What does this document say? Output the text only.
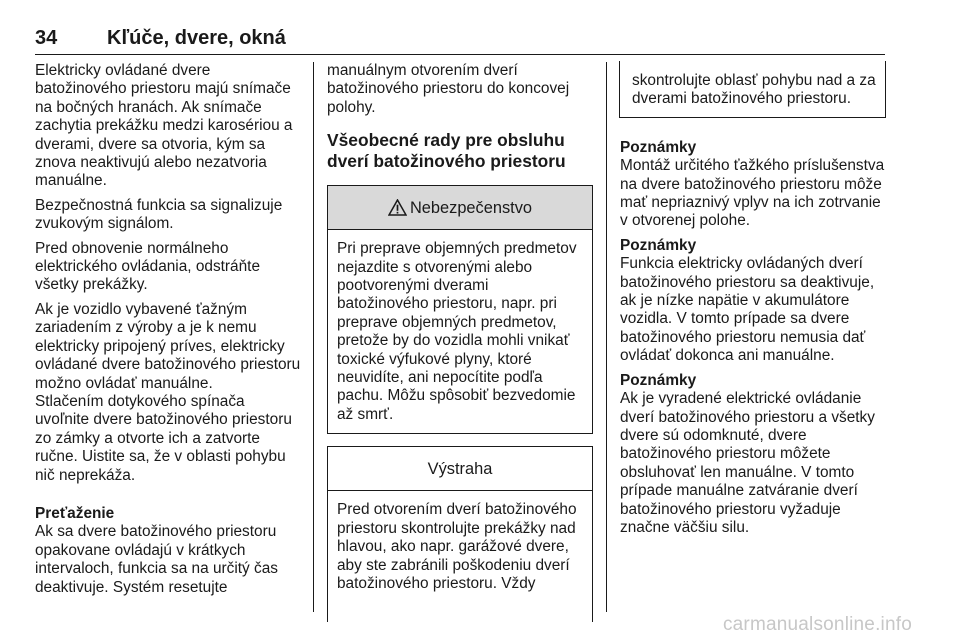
34 Kľúče, dvere, okná

Elektricky ovládané dvere batožinového priestoru majú snímače na bočných hranách. Ak snímače zachytia prekážku medzi karosériou a dverami, dvere sa otvoria, kým sa znova neaktivujú alebo nezatvoria manuálne.

Bezpečnostná funkcia sa signalizuje zvukovým signálom.

Pred obnovenie normálneho elektrického ovládania, odstráňte všetky prekážky.

Ak je vozidlo vybavené ťažným zariadením z výroby a je k nemu elektricky pripojený príves, elektricky ovládané dvere batožinového priestoru možno ovládať manuálne.

Stlačením dotykového spínača uvoľnite dvere batožinového priestoru zo zámky a otvorte ich a zatvorte ručne. Uistite sa, že v oblasti pohybu nič neprekáža.

Preťaženie

Ak sa dvere batožinového priestoru opakovane ovládajú v krátkych intervaloch, funkcia sa na určitý čas deaktivuje. Systém resetujte

manuálnym otvorením dverí batožinového priestoru do koncovej polohy.

Všeobecné rady pre obsluhu dverí batožinového priestoru
Nebezpečenstvo
Pri preprave objemných predmetov nejazdite s otvorenými alebo pootvorenými dverami batožinového priestoru, napr. pri preprave objemných predmetov, pretože by do vozidla mohli vnikať toxické výfukové plyny, ktoré neuvidíte, ani nepocítite podľa pachu. Môžu spôsobiť bezvedomie až smrť.
Výstraha
Pred otvorením dverí batožinového priestoru skontrolujte prekážky nad hlavou, ako napr. garážové dvere, aby ste zabránili poškodeniu dverí batožinového priestoru. Vždy
skontrolujte oblasť pohybu nad a za dverami batožinového priestoru.

Poznámky

Montáž určitého ťažkého príslušenstva na dvere batožinového priestoru môže mať nepriaznivý vplyv na ich zotrvanie v otvorenej polohe.

Poznámky

Funkcia elektricky ovládaných dverí batožinového priestoru sa deaktivuje, ak je nízke napätie v akumulátore vozidla. V tomto prípade sa dvere batožinového priestoru nemusia dať ovládať dokonca ani manuálne.

Poznámky

Ak je vyradené elektrické ovládanie dverí batožinového priestoru a všetky dvere sú odomknuté, dvere batožinového priestoru môžete obsluhovať len manuálne. V tomto prípade manuálne zatváranie dverí batožinového priestoru vyžaduje značne väčšiu silu.

carmanualsonline.info
